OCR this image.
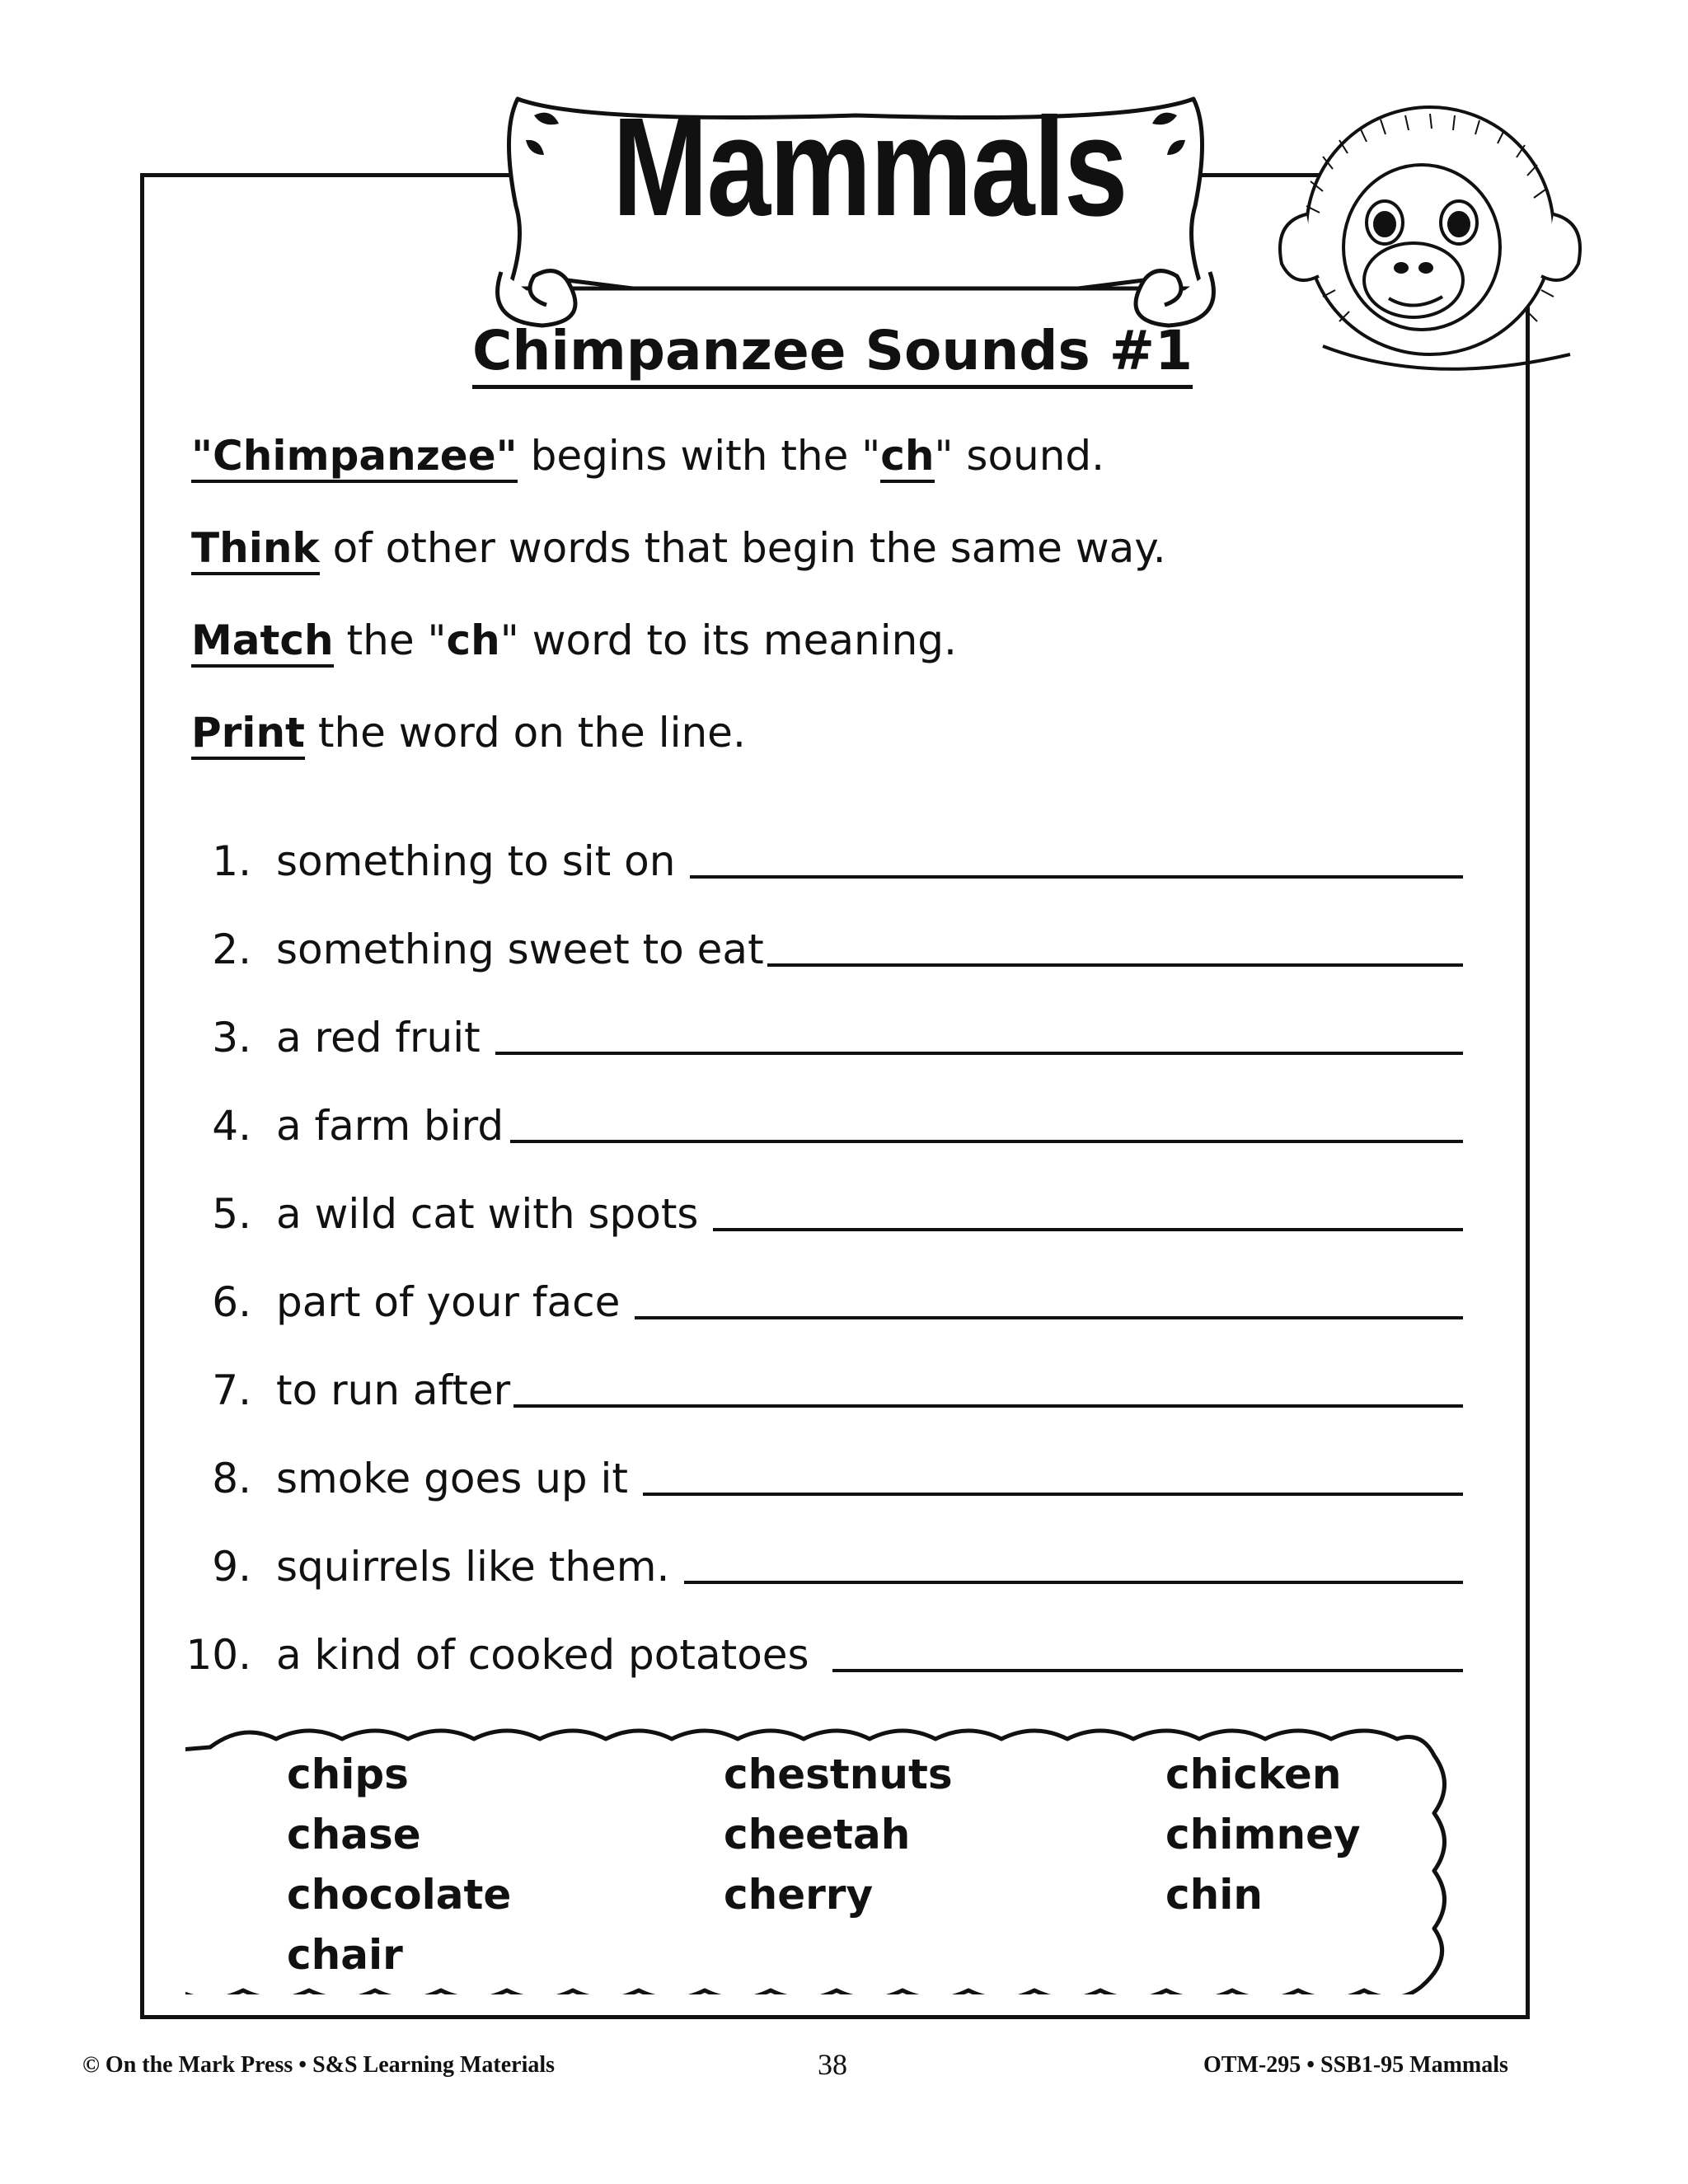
Mammals
Chimpanzee Sounds #1
"Chimpanzee" begins with the "ch" sound.
Think of other words that begin the same way.
Match the "ch" word to its meaning.
Print the word on the line.
1. something to sit on
2. something sweet to eat
3. a red fruit
4. a farm bird
5. a wild cat with spots
6. part of your face
7. to run after
8. smoke goes up it
9. squirrels like them.
10. a kind of cooked potatoes
chips
chase
chocolate
chair
chestnuts
cheetah
cherry
chicken
chimney
chin
© On the Mark Press • S&S Learning Materials	38	OTM-295 • SSB1-95 Mammals
